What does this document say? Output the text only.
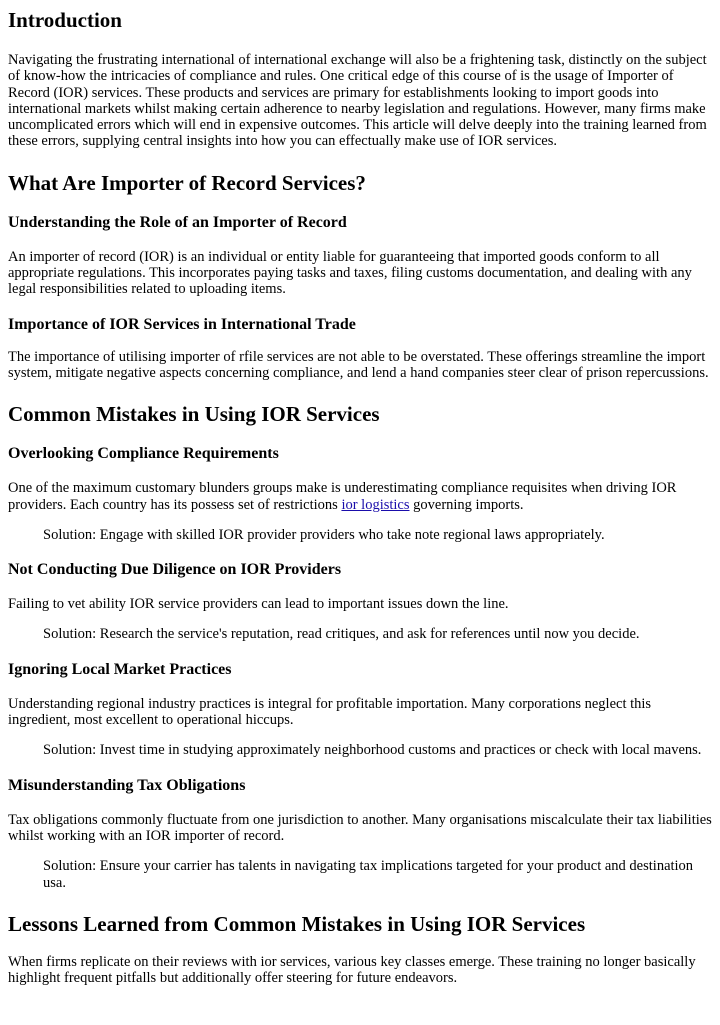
Introduction

Navigating the frustrating international of international exchange will also be a frightening task, distinctly on the subject of know-how the intricacies of compliance and rules. One critical edge of this course of is the usage of Importer of Record (IOR) services. These products and services are primary for establishments looking to import goods into international markets whilst making certain adherence to nearby legislation and regulations. However, many firms make uncomplicated errors which will end in expensive outcomes. This article will delve deeply into the training learned from these errors, supplying central insights into how you can effectually make use of IOR services.

What Are Importer of Record Services?
Understanding the Role of an Importer of Record

An importer of record (IOR) is an individual or entity liable for guaranteeing that imported goods conform to all appropriate regulations. This incorporates paying tasks and taxes, filing customs documentation, and dealing with any legal responsibilities related to uploading items.

Importance of IOR Services in International Trade

The importance of utilising importer of rfile services are not able to be overstated. These offerings streamline the import system, mitigate negative aspects concerning compliance, and lend a hand companies steer clear of prison repercussions.

Common Mistakes in Using IOR Services
Overlooking Compliance Requirements

One of the maximum customary blunders groups make is underestimating compliance requisites when driving IOR providers. Each country has its possess set of restrictions ior logistics governing imports.

Solution: Engage with skilled IOR provider providers who take note regional laws appropriately.

Not Conducting Due Diligence on IOR Providers

Failing to vet ability IOR service providers can lead to important issues down the line.

Solution: Research the service's reputation, read critiques, and ask for references until now you decide.

Ignoring Local Market Practices

Understanding regional industry practices is integral for profitable importation. Many corporations neglect this ingredient, most excellent to operational hiccups.

Solution: Invest time in studying approximately neighborhood customs and practices or check with local mavens.

Misunderstanding Tax Obligations

Tax obligations commonly fluctuate from one jurisdiction to another. Many organisations miscalculate their tax liabilities whilst working with an IOR importer of record.

Solution: Ensure your carrier has talents in navigating tax implications targeted for your product and destination usa.

Lessons Learned from Common Mistakes in Using IOR Services

When firms replicate on their reviews with ior services, various key classes emerge. These training no longer basically highlight frequent pitfalls but additionally offer steering for future endeavors.
